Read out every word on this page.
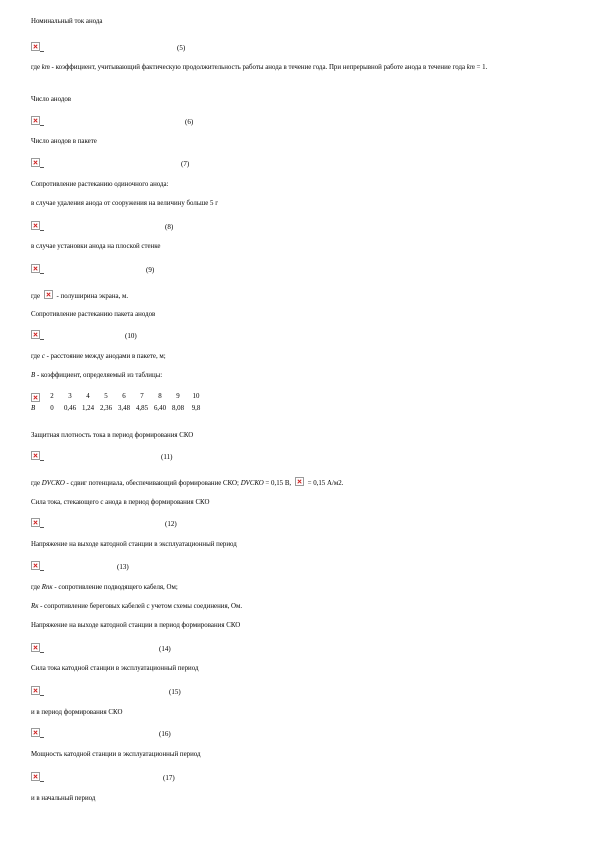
Номинальный ток анода
(5)
где km - коэффициент, учитывающий фактическую продолжительность работы анода в течение года. При непрерывной работе анода в течение года km = 1.
Число анодов
(6)
Число анодов в пакете
(7)
Сопротивление растеканию одиночного анода:
в случае удаления анода от сооружения на величину больше 5 г
(8)
в случае установки анода на плоской стенке
(9)
где  - полуширина экрана, м.
Сопротивление растеканию пакета анодов
(10)
где c - расстояние между анодами в пакете, м;
B - коэффициент, определяемый из таблицы:
2	3	4	5	6	7	8	9	10
B	0	0,46 1,24 2,36 3,48 4,85 6,40 8,08	9,8
Защитная плотность тока в период формирования СКО
(11)
где DVСКО - сдвиг потенциала, обеспечивающий формирование СКО; DVСКО = 0,15 В,  = 0,15 А/м2.
Сила тока, стекающего с анода в период формирования СКО
(12)
Напряжение на выходе катодной станции в эксплуатационный период
(13)
где Rпк - сопротивление подводящего кабеля, Ом;
Rк - сопротивление береговых кабелей с учетом схемы соединения, Ом.
Напряжение на выходе катодной станции в период формирования СКО
(14)
Сила тока катодной станции в эксплуатационный период
(15)
и в период формирования СКО
(16)
Мощность катодной станции в эксплуатационный период
(17)
и в начальный период
